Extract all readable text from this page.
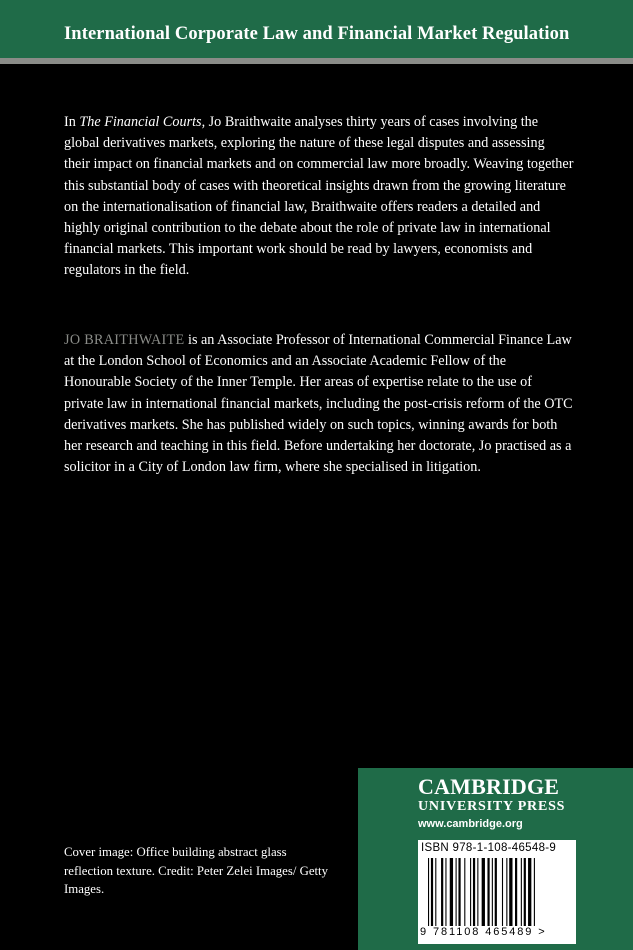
International Corporate Law and Financial Market Regulation

In The Financial Courts, Jo Braithwaite analyses thirty years of cases involving the global derivatives markets, exploring the nature of these legal disputes and assessing their impact on financial markets and on commercial law more broadly. Weaving together this substantial body of cases with theoretical insights drawn from the growing literature on the internationalisation of financial law, Braithwaite offers readers a detailed and highly original contribution to the debate about the role of private law in international financial markets. This important work should be read by lawyers, economists and regulators in the field.

JO BRAITHWAITE is an Associate Professor of International Commercial Finance Law at the London School of Economics and an Associate Academic Fellow of the Honourable Society of the Inner Temple. Her areas of expertise relate to the use of private law in international financial markets, including the post-crisis reform of the OTC derivatives markets. She has published widely on such topics, winning awards for both her research and teaching in this field. Before undertaking her doctorate, Jo practised as a solicitor in a City of London law firm, where she specialised in litigation.

Cover image: Office building abstract glass reflection texture. Credit: Peter Zelei Images/ Getty Images.

CAMBRIDGE

UNIVERSITY PRESS

www.cambridge.org

ISBN 978-1-108-46548-9
9 781108 465489 >
